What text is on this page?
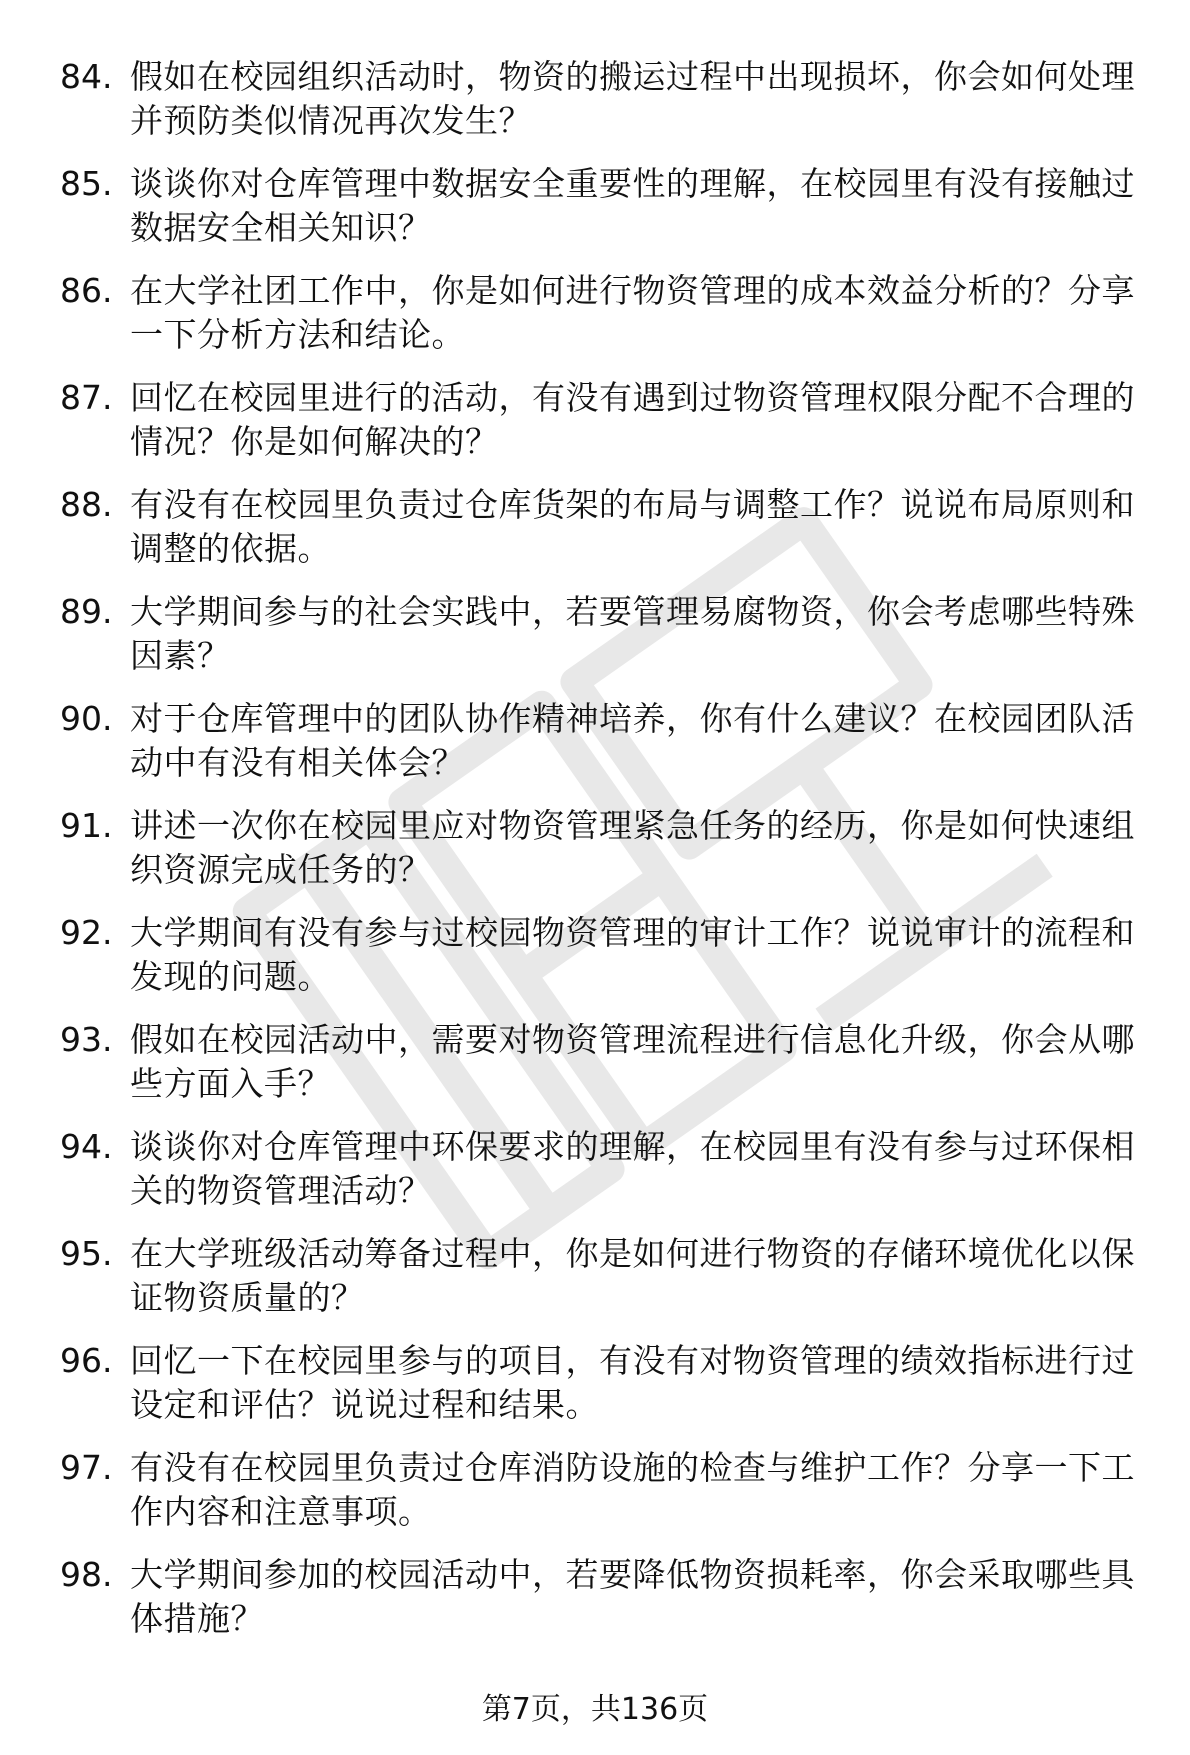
84. 假如在校园组织活动时，物资的搬运过程中出现损坏，你会如何处理并预防类似情况再次发生？
85. 谈谈你对仓库管理中数据安全重要性的理解，在校园里有没有接触过数据安全相关知识？
86. 在大学社团工作中，你是如何进行物资管理的成本效益分析的？分享一下分析方法和结论。
87. 回忆在校园里进行的活动，有没有遇到过物资管理权限分配不合理的情况？你是如何解决的？
88. 有没有在校园里负责过仓库货架的布局与调整工作？说说布局原则和调整的依据。
89. 大学期间参与的社会实践中，若要管理易腐物资，你会考虑哪些特殊因素？
90. 对于仓库管理中的团队协作精神培养，你有什么建议？在校园团队活动中有没有相关体会？
91. 讲述一次你在校园里应对物资管理紧急任务的经历，你是如何快速组织资源完成任务的？
92. 大学期间有没有参与过校园物资管理的审计工作？说说审计的流程和发现的问题。
93. 假如在校园活动中，需要对物资管理流程进行信息化升级，你会从哪些方面入手？
94. 谈谈你对仓库管理中环保要求的理解，在校园里有没有参与过环保相关的物资管理活动？
95. 在大学班级活动筹备过程中，你是如何进行物资的存储环境优化以保证物资质量的？
96. 回忆一下在校园里参与的项目，有没有对物资管理的绩效指标进行过设定和评估？说说过程和结果。
97. 有没有在校园里负责过仓库消防设施的检查与维护工作？分享一下工作内容和注意事项。
98. 大学期间参加的校园活动中，若要降低物资损耗率，你会采取哪些具体措施？
第7页，共136页
